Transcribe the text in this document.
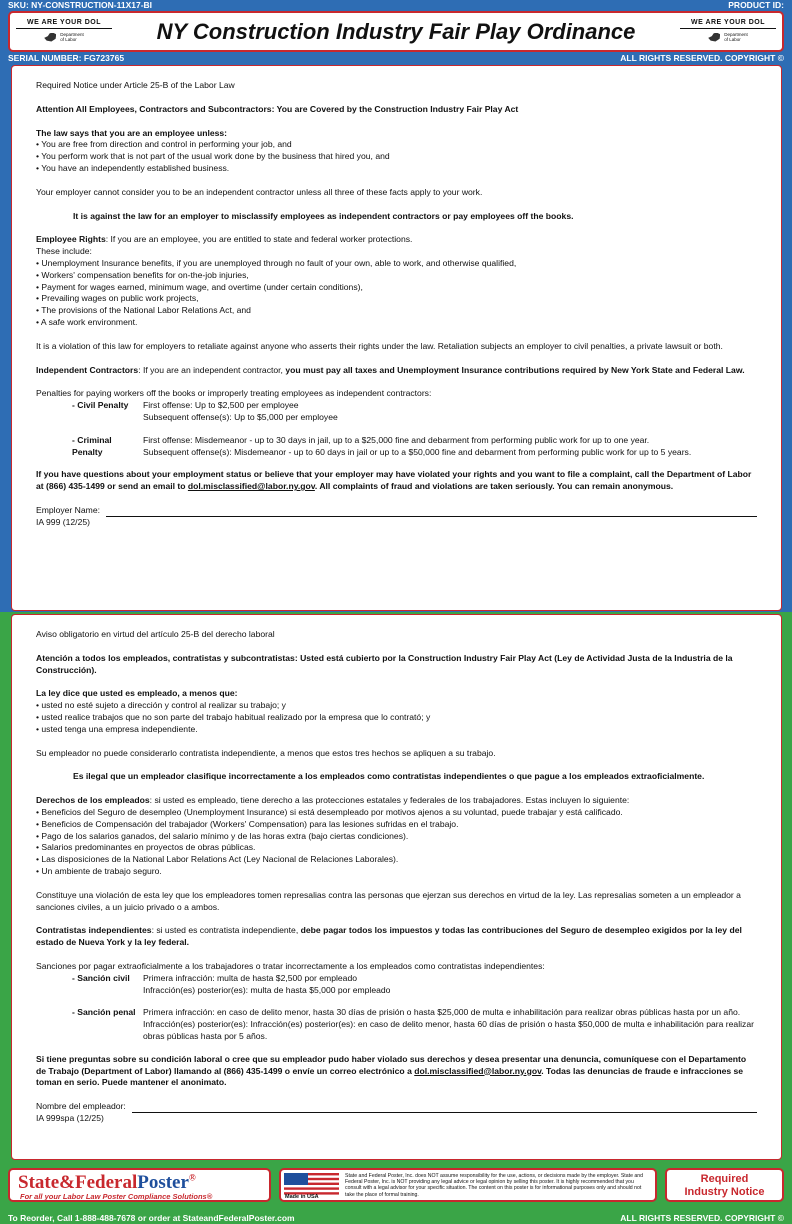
SKU: NY-CONSTRUCTION-11X17-BI	PRODUCT ID:
WE ARE YOUR DOL
Department
of Labor	NY Construction Industry Fair Play Ordinance	WE ARE YOUR DOL
Department
of Labor
SERIAL NUMBER: FG723765	ALL RIGHTS RESERVED. COPYRIGHT ©

Required Notice under Article 25-B of the Labor Law

Attention All Employees, Contractors and Subcontractors: You are Covered by the Construction Industry Fair Play Act

The law says that you are an employee unless:
• You are free from direction and control in performing your job, and
• You perform work that is not part of the usual work done by the business that hired you, and
• You have an independently established business.

Your employer cannot consider you to be an independent contractor unless all three of these facts apply to your work.

It is against the law for an employer to misclassify employees as independent contractors or pay employees off the books.

Employee Rights: If you are an employee, you are entitled to state and federal worker protections.
These include:
• Unemployment Insurance benefits, if you are unemployed through no fault of your own, able to work, and otherwise qualified,
• Workers' compensation benefits for on-the-job injuries,
• Payment for wages earned, minimum wage, and overtime (under certain conditions),
• Prevailing wages on public work projects,
• The provisions of the National Labor Relations Act, and
• A safe work environment.

It is a violation of this law for employers to retaliate against anyone who asserts their rights under the law. Retaliation subjects an employer to civil penalties, a private lawsuit or both.

Independent Contractors: If you are an independent contractor, you must pay all taxes and Unemployment Insurance contributions required by New York State and Federal Law.

Penalties for paying workers off the books or improperly treating employees as independent contractors:
- Civil Penalty	First offense: Up to $2,500 per employee
Subsequent offense(s): Up to $5,000 per employee
- Criminal Penalty
First offense: Misdemeanor - up to 30 days in jail, up to a $25,000 fine and debarment from performing public work for up to one year.
Subsequent offense(s): Misdemeanor - up to 60 days in jail or up to a $50,000 fine and debarment from performing public work for up to 5 years.

If you have questions about your employment status or believe that your employer may have violated your rights and you want to file a complaint, call the Department of Labor at (866) 435-1499 or send an email to dol.misclassified@labor.ny.gov. All complaints of fraud and violations are taken seriously. You can remain anonymous.

Employer Name:
IA 999 (12/25)

Aviso obligatorio en virtud del artículo 25-B del derecho laboral

Atención a todos los empleados, contratistas y subcontratistas: Usted está cubierto por la Construction Industry Fair Play Act (Ley de Actividad Justa de la Industria de la Construcción).

La ley dice que usted es empleado, a menos que:
• usted no esté sujeto a dirección y control al realizar su trabajo; y
• usted realice trabajos que no son parte del trabajo habitual realizado por la empresa que lo contrató; y
• usted tenga una empresa independiente.

Su empleador no puede considerarlo contratista independiente, a menos que estos tres hechos se apliquen a su trabajo.

Es ilegal que un empleador clasifique incorrectamente a los empleados como contratistas independientes o que pague a los empleados extraoficialmente.

Derechos de los empleados: si usted es empleado, tiene derecho a las protecciones estatales y federales de los trabajadores. Estas incluyen lo siguiente:
• Beneficios del Seguro de desempleo (Unemployment Insurance) si está desempleado por motivos ajenos a su voluntad, puede trabajar y está calificado.
• Beneficios de Compensación del trabajador (Workers' Compensation) para las lesiones sufridas en el trabajo.
• Pago de los salarios ganados, del salario mínimo y de las horas extra (bajo ciertas condiciones).
• Salarios predominantes en proyectos de obras públicas.
• Las disposiciones de la National Labor Relations Act (Ley Nacional de Relaciones Laborales).
• Un ambiente de trabajo seguro.

Constituye una violación de esta ley que los empleadores tomen represalias contra las personas que ejerzan sus derechos en virtud de la ley. Las represalias someten a un empleador a sanciones civiles, a un juicio privado o a ambos.

Contratistas independientes: si usted es contratista independiente, debe pagar todos los impuestos y todas las contribuciones del Seguro de desempleo exigidos por la ley del estado de Nueva York y la ley federal.

Sanciones por pagar extraoficialmente a los trabajadores o tratar incorrectamente a los empleados como contratistas independientes:
- Sanción civil	Primera infracción: multa de hasta $2,500 por empleado
Infracción(es) posterior(es): multa de hasta $5,000 por empleado
- Sanción penal Primera infracción: en caso de delito menor, hasta 30 días de prisión o hasta $25,000 de multa e inhabilitación para realizar obras públicas hasta por un año.
Infracción(es) posterior(es): Infracción(es) posterior(es): en caso de delito menor, hasta 60 días de prisión o hasta $50,000 de multa e inhabilitación para realizar obras públicas hasta por 5 años.

Si tiene preguntas sobre su condición laboral o cree que su empleador pudo haber violado sus derechos y desea presentar una denuncia, comuníquese con el Departamento de Trabajo (Department of Labor) llamando al (866) 435-1499 o envíe un correo electrónico a dol.misclassified@labor.ny.gov. Todas las denuncias de fraude e infracciones se toman en serio. Puede mantener el anonimato.

Nombre del empleador:
IA 999spa (12/25)
State&FederalPoster®
For all your Labor Law Poster Compliance Solutions®	Made in USA
State and Federal Poster, Inc. does NOT assume responsibility for the use, actions, or decisions made by the employer. State and Federal Poster, Inc. is NOT providing any legal advice or legal opinion by selling this poster. It is highly recommended that you consult with a legal advisor for your specific situation. The content on this poster is for informational purposes only and should not take the place of formal training.
Required
Industry Notice
To Reorder, Call 1-888-488-7678 or order at StateandFederalPoster.com	ALL RIGHTS RESERVED. COPYRIGHT ©
